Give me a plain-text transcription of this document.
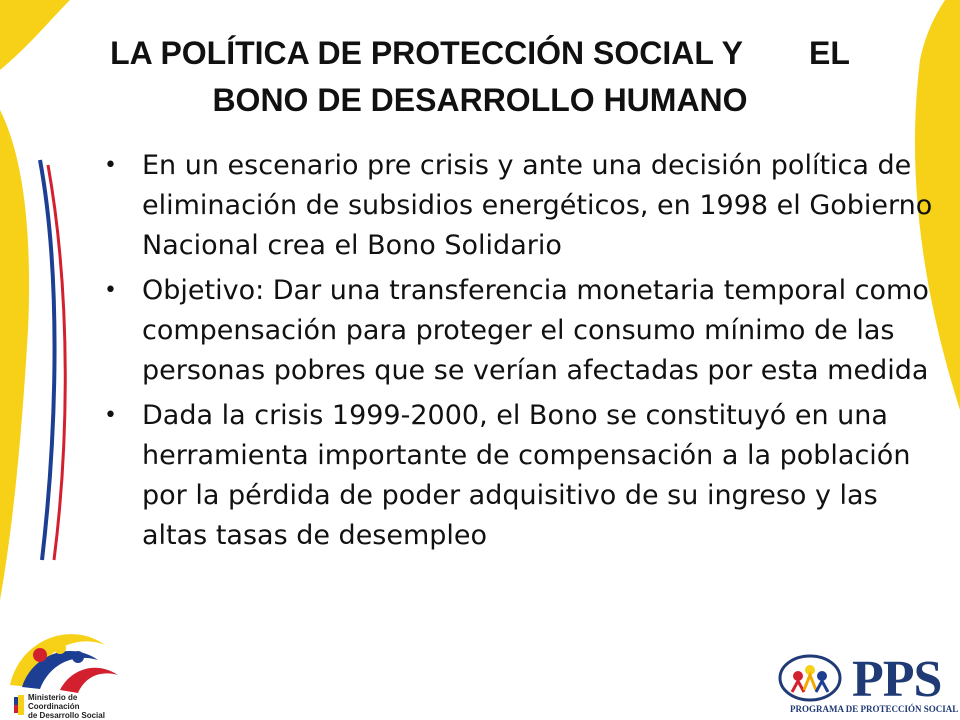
LA POLÍTICA DE PROTECCIÓN SOCIAL Y EL
BONO DE DESARROLLO HUMANO
• En un escenario pre crisis y ante una decisión política de eliminación de subsidios energéticos, en 1998 el Gobierno Nacional crea el Bono Solidario
• Objetivo: Dar una transferencia monetaria temporal como compensación para proteger el consumo mínimo de las personas pobres que se verían afectadas por esta medida
• Dada la crisis 1999-2000, el Bono se constituyó en una herramienta importante de compensación a la población por la pérdida de poder adquisitivo de su ingreso y las altas tasas de desempleo
Ministerio de Coordinación
de Desarrollo Social
PPS
PROGRAMA DE PROTECCIÓN SOCIAL
